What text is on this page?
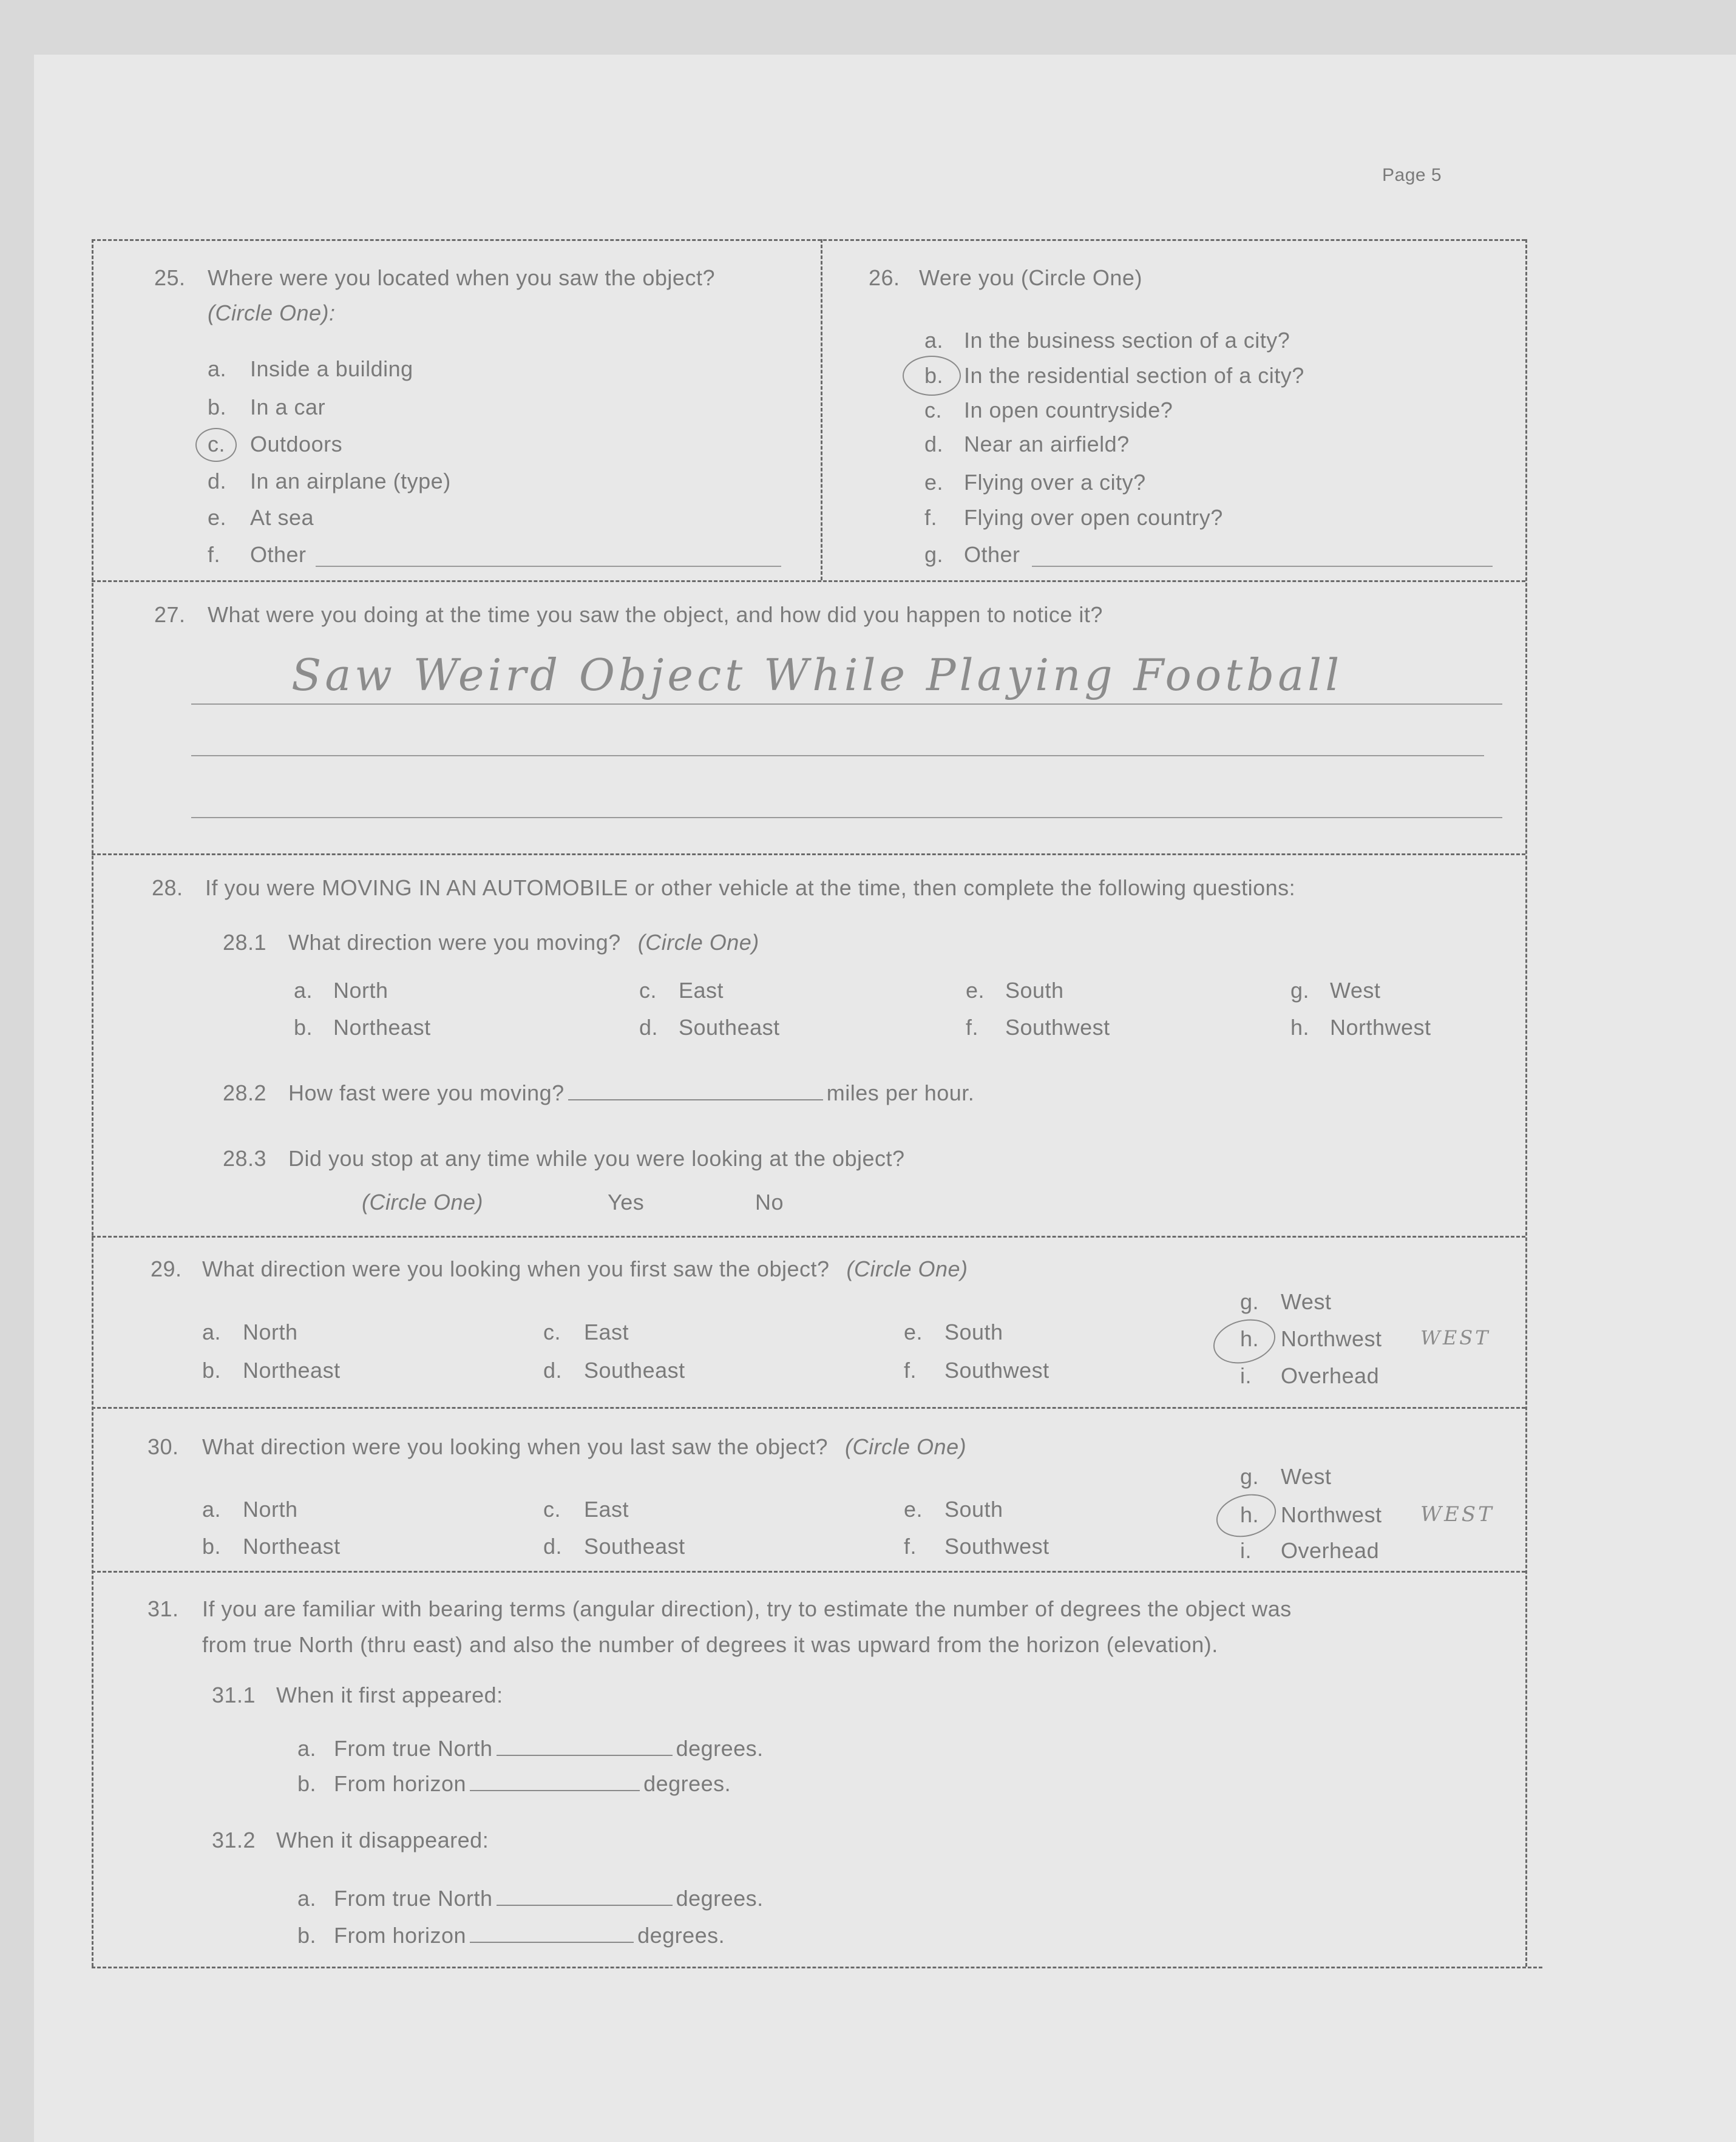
Page 5
25. Where were you located when you saw the object?
(Circle One):
a. Inside a building
b. In a car
c. Outdoors
d. In an airplane (type)
e. At sea
f. Other
26. Were you (Circle One)
a. In the business section of a city?
b. In the residential section of a city?
c. In open countryside?
d. Near an airfield?
e. Flying over a city?
f. Flying over open country?
g. Other
27. What were you doing at the time you saw the object, and how did you happen to notice it?
Saw Weird Object While Playing Football
28. If you were MOVING IN AN AUTOMOBILE or other vehicle at the time, then complete the following questions:
28.1 What direction were you moving? (Circle One)
a. North
b. Northeast
c. East
d. Southeast
e. South
f. Southwest
g. West
h. Northwest
28.2 How fast were you moving?	miles per hour.
28.3 Did you stop at any time while you were looking at the object?
(Circle One)	Yes	No
29. What direction were you looking when you first saw the object? (Circle One)
a. North
b. Northeast
c. East
d. Southeast
e. South
f. Southwest
g. West
h. Northwest
i. Overhead
WEST
30. What direction were you looking when you last saw the object? (Circle One)
a. North
b. Northeast
c. East
d. Southeast
e. South
f. Southwest
g. West
h. Northwest
i. Overhead
WEST
31. If you are familiar with bearing terms (angular direction), try to estimate the number of degrees the object was
from true North (thru east) and also the number of degrees it was upward from the horizon (elevation).
31.1 When it first appeared:
a. From true North	degrees.
b. From horizon	degrees.
31.2 When it disappeared:
a. From true North	degrees.
b. From horizon	degrees.
